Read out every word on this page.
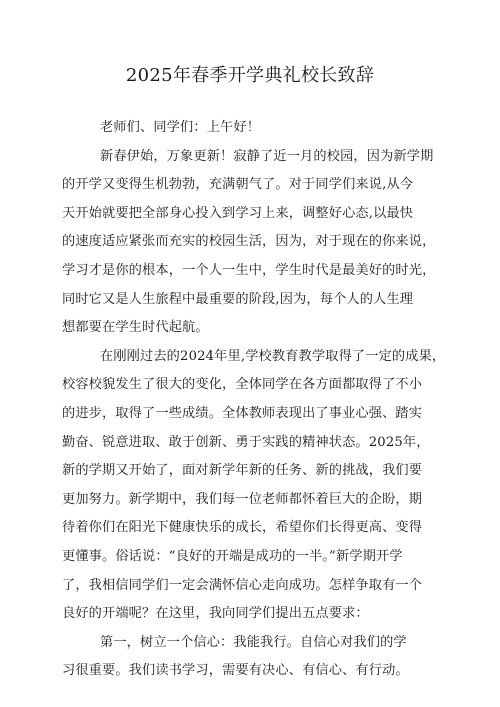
2025年春季开学典礼校长致辞
老师们、同学们：上午好！
新春伊始，万象更新！寂静了近一月的校园，因为新学期
的开学又变得生机勃勃，充满朝气了。对于同学们来说,从今
天开始就要把全部身心投入到学习上来，调整好心态,以最快
的速度适应紧张而充实的校园生活，因为，对于现在的你来说，
学习才是你的根本，一个人一生中，学生时代是最美好的时光，
同时它又是人生旅程中最重要的阶段,因为，每个人的人生理
想都要在学生时代起航。
在刚刚过去的2024年里,学校教育教学取得了一定的成果，
校容校貌发生了很大的变化，全体同学在各方面都取得了不小
的进步，取得了一些成绩。全体教师表现出了事业心强、踏实
勤奋、锐意进取、敢于创新、勇于实践的精神状态。2025年，
新的学期又开始了，面对新学年新的任务、新的挑战，我们要
更加努力。新学期中，我们每一位老师都怀着巨大的企盼，期
待着你们在阳光下健康快乐的成长，希望你们长得更高、变得
更懂事。俗话说：“良好的开端是成功的一半。”新学期开学
了，我相信同学们一定会满怀信心走向成功。怎样争取有一个
良好的开端呢？在这里，我向同学们提出五点要求：
第一，树立一个信心：我能我行。自信心对我们的学
习很重要。我们读书学习，需要有决心、有信心、有行动。
